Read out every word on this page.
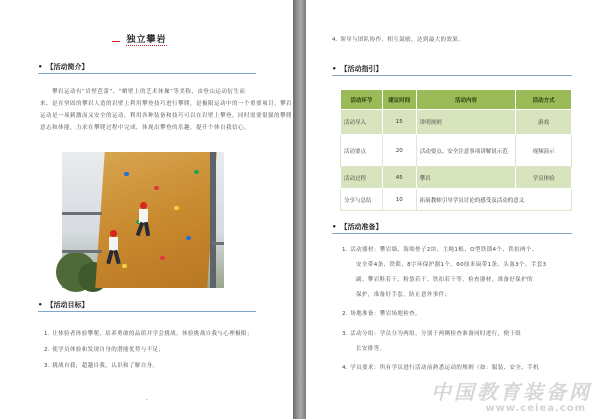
独立攀岩
• 【活动简介】
攀岩运动有“岩壁芭蕾”、“峭壁上的艺术体操”等美称，由登山运动衍生而
来，是在坚固的攀岩人造的岩壁上利用攀登技巧进行攀爬，是极限运动中的一个重要项目。攀岩
运动是一项刺激而又安全的运动，利用各种装备和技巧可以在岩壁上攀登，同时需要很强的攀爬
意志和体能，力求在攀爬过程中完成，体现出攀登的乐趣，提升个体自我信心。
• 【活动目标】
1. 让体验者体验攀爬，培养勇敢的品质并学会挑战，体验挑战自我与心理极限；
2. 使学员体验和发现自身的潜能优势与不足；
3. 挑战自我，超越自我，认识和了解自身。
.
4. 领导与团队协作，相互鼓励，达到最大的效果。
• 【活动指引】
• 【活动准备】
1. 活动器材：攀岩墙、海绵垫子2块、主绳1根、O型铁锁4个、铁扣两个、
安全带4条、铁锁、8字环保护器1个、60厘米扁带1条、头盔3个、手套3
副、攀岩鞋若干、粉袋若干、铁扣若干等，检查器材，准备好保护的
保护，准备好手套，防止意外事件；
2. 场地准备：攀岩场地检查。
3. 活动分组：学员分为两组，分别于两侧检查准备同时进行，便于组
长安排等。
4. 学员要求：所有学员进行活动前熟悉运动的规则（如：服装、安全、手机
活动环节	建议时间	活动内容	活动方式
活动导入	15	讲明规则	游戏
活动要点	20	活动要点、安全注意事项讲解说示范	视频演示
活动过程	45	攀岩	学员体验
分享与总结	10	拓展教师引导学员讨论的感受及活动的意义	
中国教育装备网
www.ceiea.com
